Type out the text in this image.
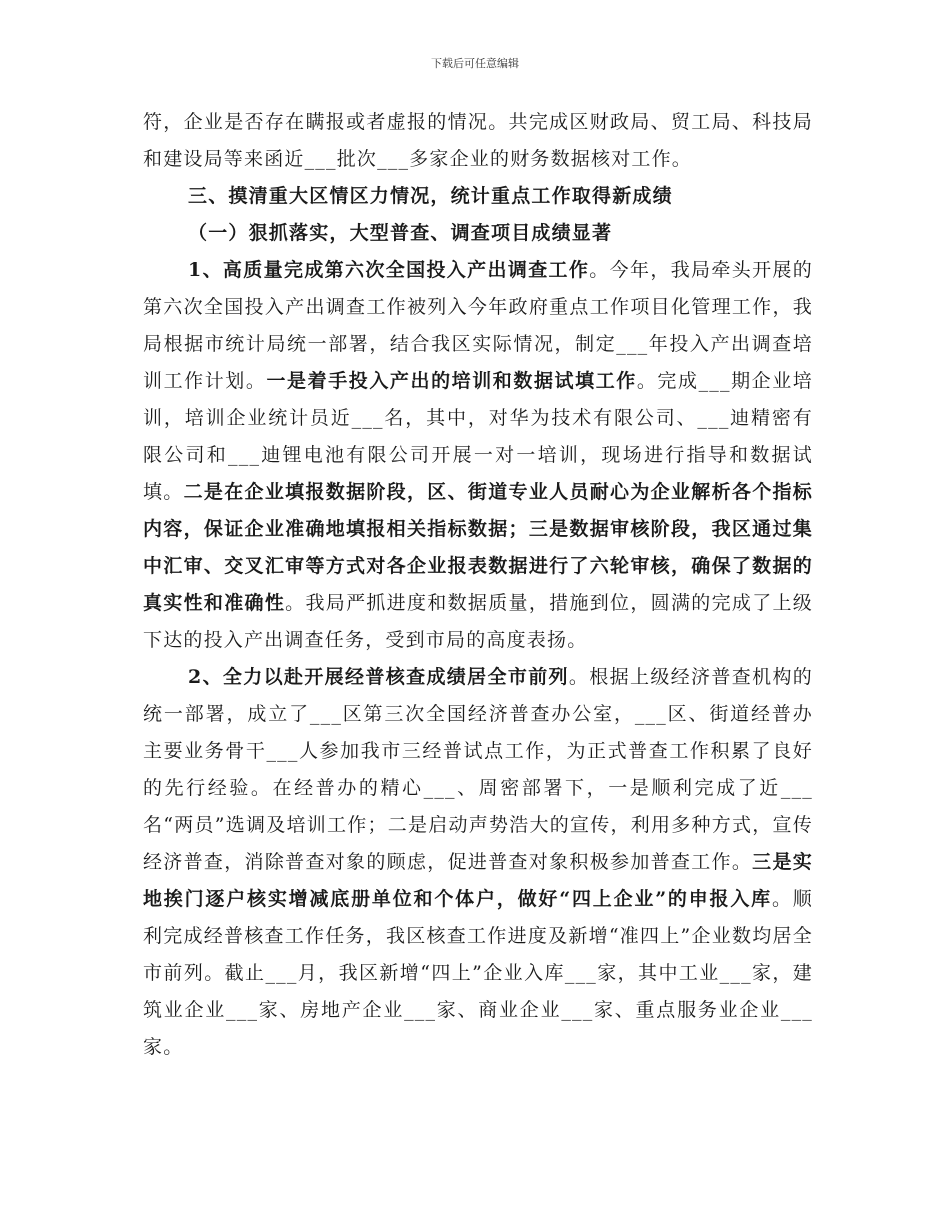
下载后可任意编辑

符，企业是否存在瞒报或者虚报的情况。共完成区财政局、贸工局、科技局和建设局等来函近___批次___多家企业的财务数据核对工作。

三、摸清重大区情区力情况，统计重点工作取得新成绩

（一）狠抓落实，大型普查、调查项目成绩显著

1、高质量完成第六次全国投入产出调查工作。今年，我局牵头开展的第六次全国投入产出调查工作被列入今年政府重点工作项目化管理工作，我局根据市统计局统一部署，结合我区实际情况，制定___年投入产出调查培训工作计划。一是着手投入产出的培训和数据试填工作。完成___期企业培训，培训企业统计员近___名，其中，对华为技术有限公司、___迪精密有限公司和___迪锂电池有限公司开展一对一培训，现场进行指导和数据试填。二是在企业填报数据阶段，区、街道专业人员耐心为企业解析各个指标内容，保证企业准确地填报相关指标数据；三是数据审核阶段，我区通过集中汇审、交叉汇审等方式对各企业报表数据进行了六轮审核，确保了数据的真实性和准确性。我局严抓进度和数据质量，措施到位，圆满的完成了上级下达的投入产出调查任务，受到市局的高度表扬。

2、全力以赴开展经普核查成绩居全市前列。根据上级经济普查机构的统一部署，成立了___区第三次全国经济普查办公室，___区、街道经普办主要业务骨干___人参加我市三经普试点工作，为正式普查工作积累了良好的先行经验。在经普办的精心___、周密部署下，一是顺利完成了近___名“两员”选调及培训工作；二是启动声势浩大的宣传，利用多种方式，宣传经济普查，消除普查对象的顾虑，促进普查对象积极参加普查工作。三是实地挨门逐户核实增减底册单位和个体户，做好“四上企业”的申报入库。顺利完成经普核查工作任务，我区核查工作进度及新增“准四上”企业数均居全市前列。截止___月，我区新增“四上”企业入库___家，其中工业___家，建筑业企业___家、房地产企业___家、商业企业___家、重点服务业企业___家。
